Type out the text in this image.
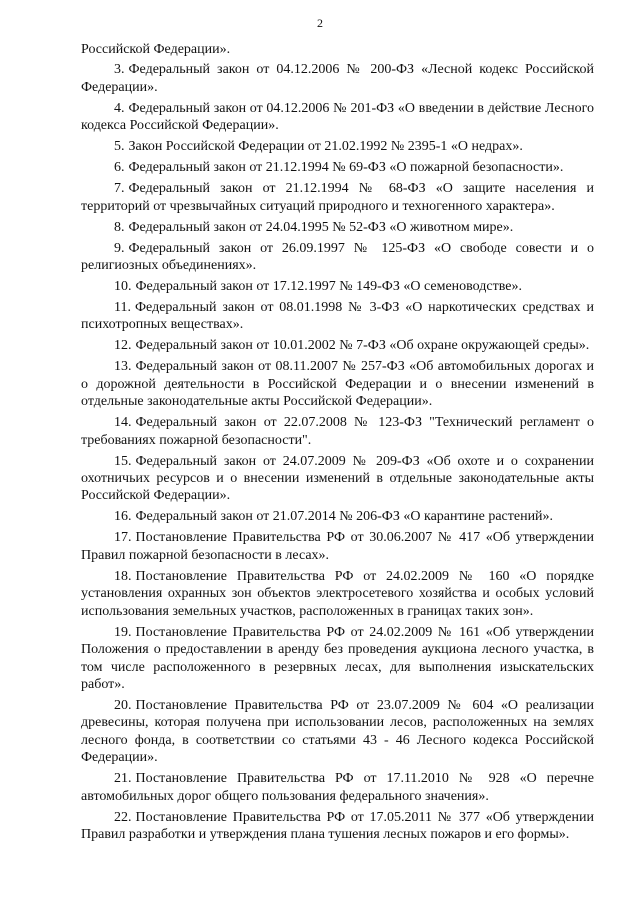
2

Российской Федерации».

3. Федеральный закон от 04.12.2006 № 200-ФЗ «Лесной кодекс Российской Федерации».

4. Федеральный закон от 04.12.2006 № 201-ФЗ «О введении в действие Лесного кодекса Российской Федерации».

5. Закон Российской Федерации от 21.02.1992 № 2395-1 «О недрах».

6. Федеральный закон от 21.12.1994 № 69-ФЗ «О пожарной безопасности».

7. Федеральный закон от 21.12.1994 № 68-ФЗ «О защите населения и территорий от чрезвычайных ситуаций природного и техногенного характера».

8. Федеральный закон от 24.04.1995 № 52-ФЗ «О животном мире».

9. Федеральный закон от 26.09.1997 № 125-ФЗ «О свободе совести и о религиозных объединениях».

10. Федеральный закон от 17.12.1997 № 149-ФЗ «О семеноводстве».

11. Федеральный закон от 08.01.1998 № 3-ФЗ «О наркотических средствах и психотропных веществах».

12. Федеральный закон от 10.01.2002 № 7-ФЗ «Об охране окружающей среды».

13. Федеральный закон от 08.11.2007 № 257-ФЗ «Об автомобильных дорогах и о дорожной деятельности в Российской Федерации и о внесении изменений в отдельные законодательные акты Российской Федерации».

14. Федеральный закон от 22.07.2008 № 123-ФЗ "Технический регламент о требованиях пожарной безопасности".

15. Федеральный закон от 24.07.2009 № 209-ФЗ «Об охоте и о сохранении охотничьих ресурсов и о внесении изменений в отдельные законодательные акты Российской Федерации».

16. Федеральный закон от 21.07.2014 № 206-ФЗ «О карантине растений».

17. Постановление Правительства РФ от 30.06.2007 № 417 «Об утверждении Правил пожарной безопасности в лесах».

18. Постановление Правительства РФ от 24.02.2009 № 160 «О порядке установления охранных зон объектов электросетевого хозяйства и особых условий использования земельных участков, расположенных в границах таких зон».

19. Постановление Правительства РФ от 24.02.2009 № 161 «Об утверждении Положения о предоставлении в аренду без проведения аукциона лесного участка, в том числе расположенного в резервных лесах, для выполнения изыскательских работ».

20. Постановление Правительства РФ от 23.07.2009 № 604 «О реализации древесины, которая получена при использовании лесов, расположенных на землях лесного фонда, в соответствии со статьями 43 - 46 Лесного кодекса Российской Федерации».

21. Постановление Правительства РФ от 17.11.2010 № 928 «О перечне автомобильных дорог общего пользования федерального значения».

22. Постановление Правительства РФ от 17.05.2011 № 377 «Об утверждении Правил разработки и утверждения плана тушения лесных пожаров и его формы».
